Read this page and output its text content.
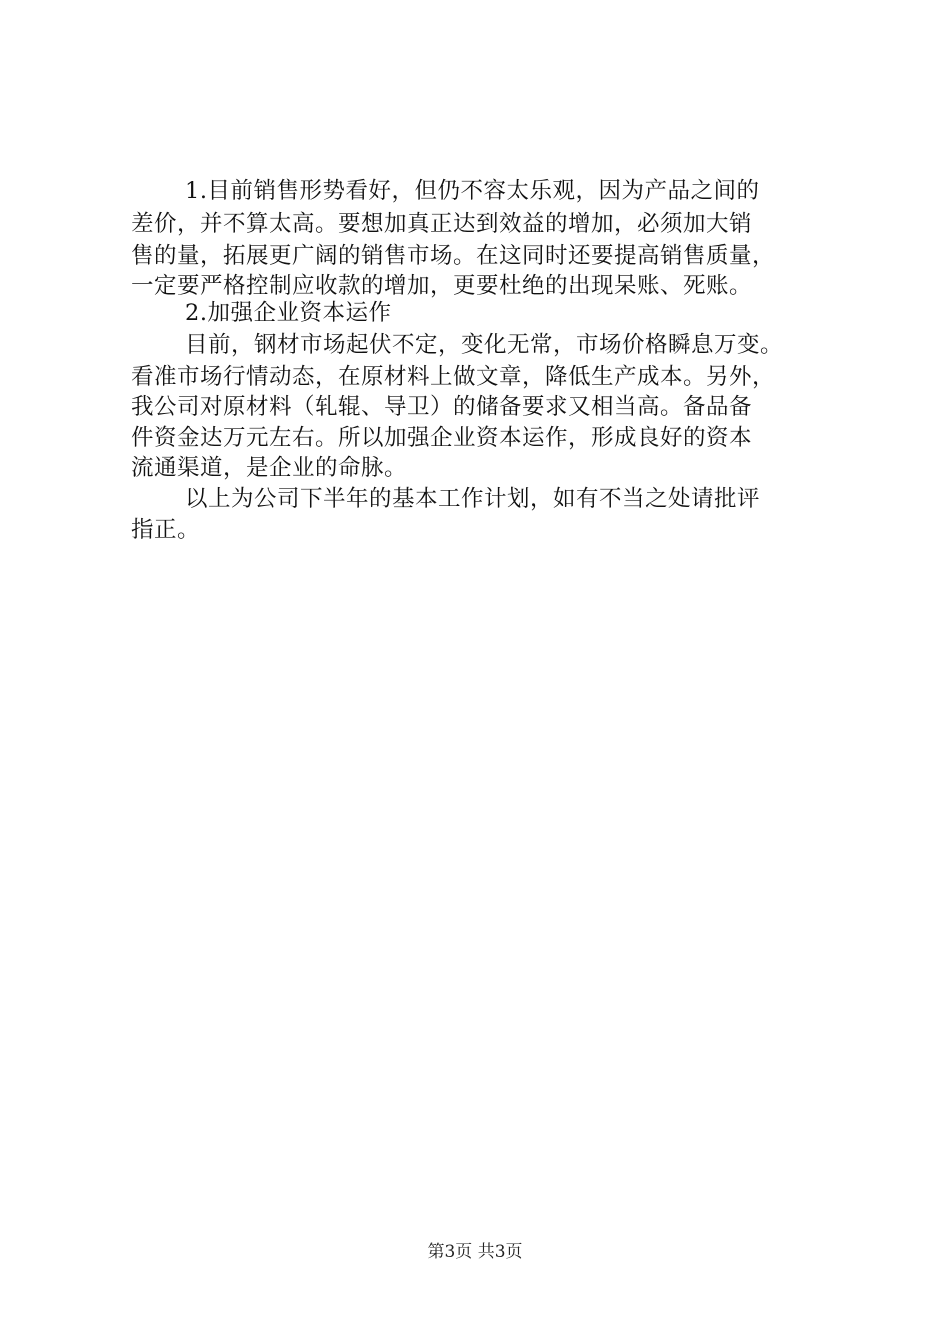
1.目前销售形势看好，但仍不容太乐观，因为产品之间的
差价，并不算太高。要想加真正达到效益的增加，必须加大销
售的量，拓展更广阔的销售市场。在这同时还要提高销售质量，
一定要严格控制应收款的增加，更要杜绝的出现呆账、死账。
2.加强企业资本运作
目前，钢材市场起伏不定，变化无常，市场价格瞬息万变。
看准市场行情动态，在原材料上做文章，降低生产成本。另外，
我公司对原材料（轧辊、导卫）的储备要求又相当高。备品备
件资金达万元左右。所以加强企业资本运作，形成良好的资本
流通渠道，是企业的命脉。
以上为公司下半年的基本工作计划，如有不当之处请批评
指正。
第3页 共3页
